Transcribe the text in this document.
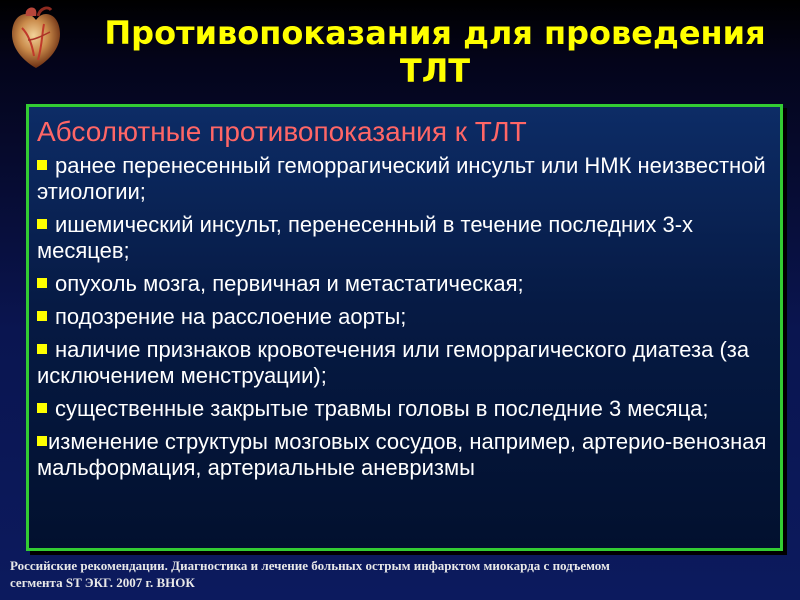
Противопоказания для проведения
ТЛТ
Абсолютные противопоказания к ТЛТ
ранее перенесенный геморрагический инсульт или НМК неизвестной этиологии;
ишемический инсульт, перенесенный в течение последних 3-х месяцев;
опухоль мозга, первичная и метастатическая;
подозрение на расслоение аорты;
наличие признаков кровотечения или геморрагического диатеза (за исключением менструации);
существенные закрытые травмы головы в последние 3 месяца;
изменение структуры мозговых сосудов, например, артерио-венозная мальформация, артериальные аневризмы
Российские рекомендации. Диагностика и лечение больных острым инфарктом миокарда с подъемом
сегмента ST ЭКГ. 2007 г. ВНОК
